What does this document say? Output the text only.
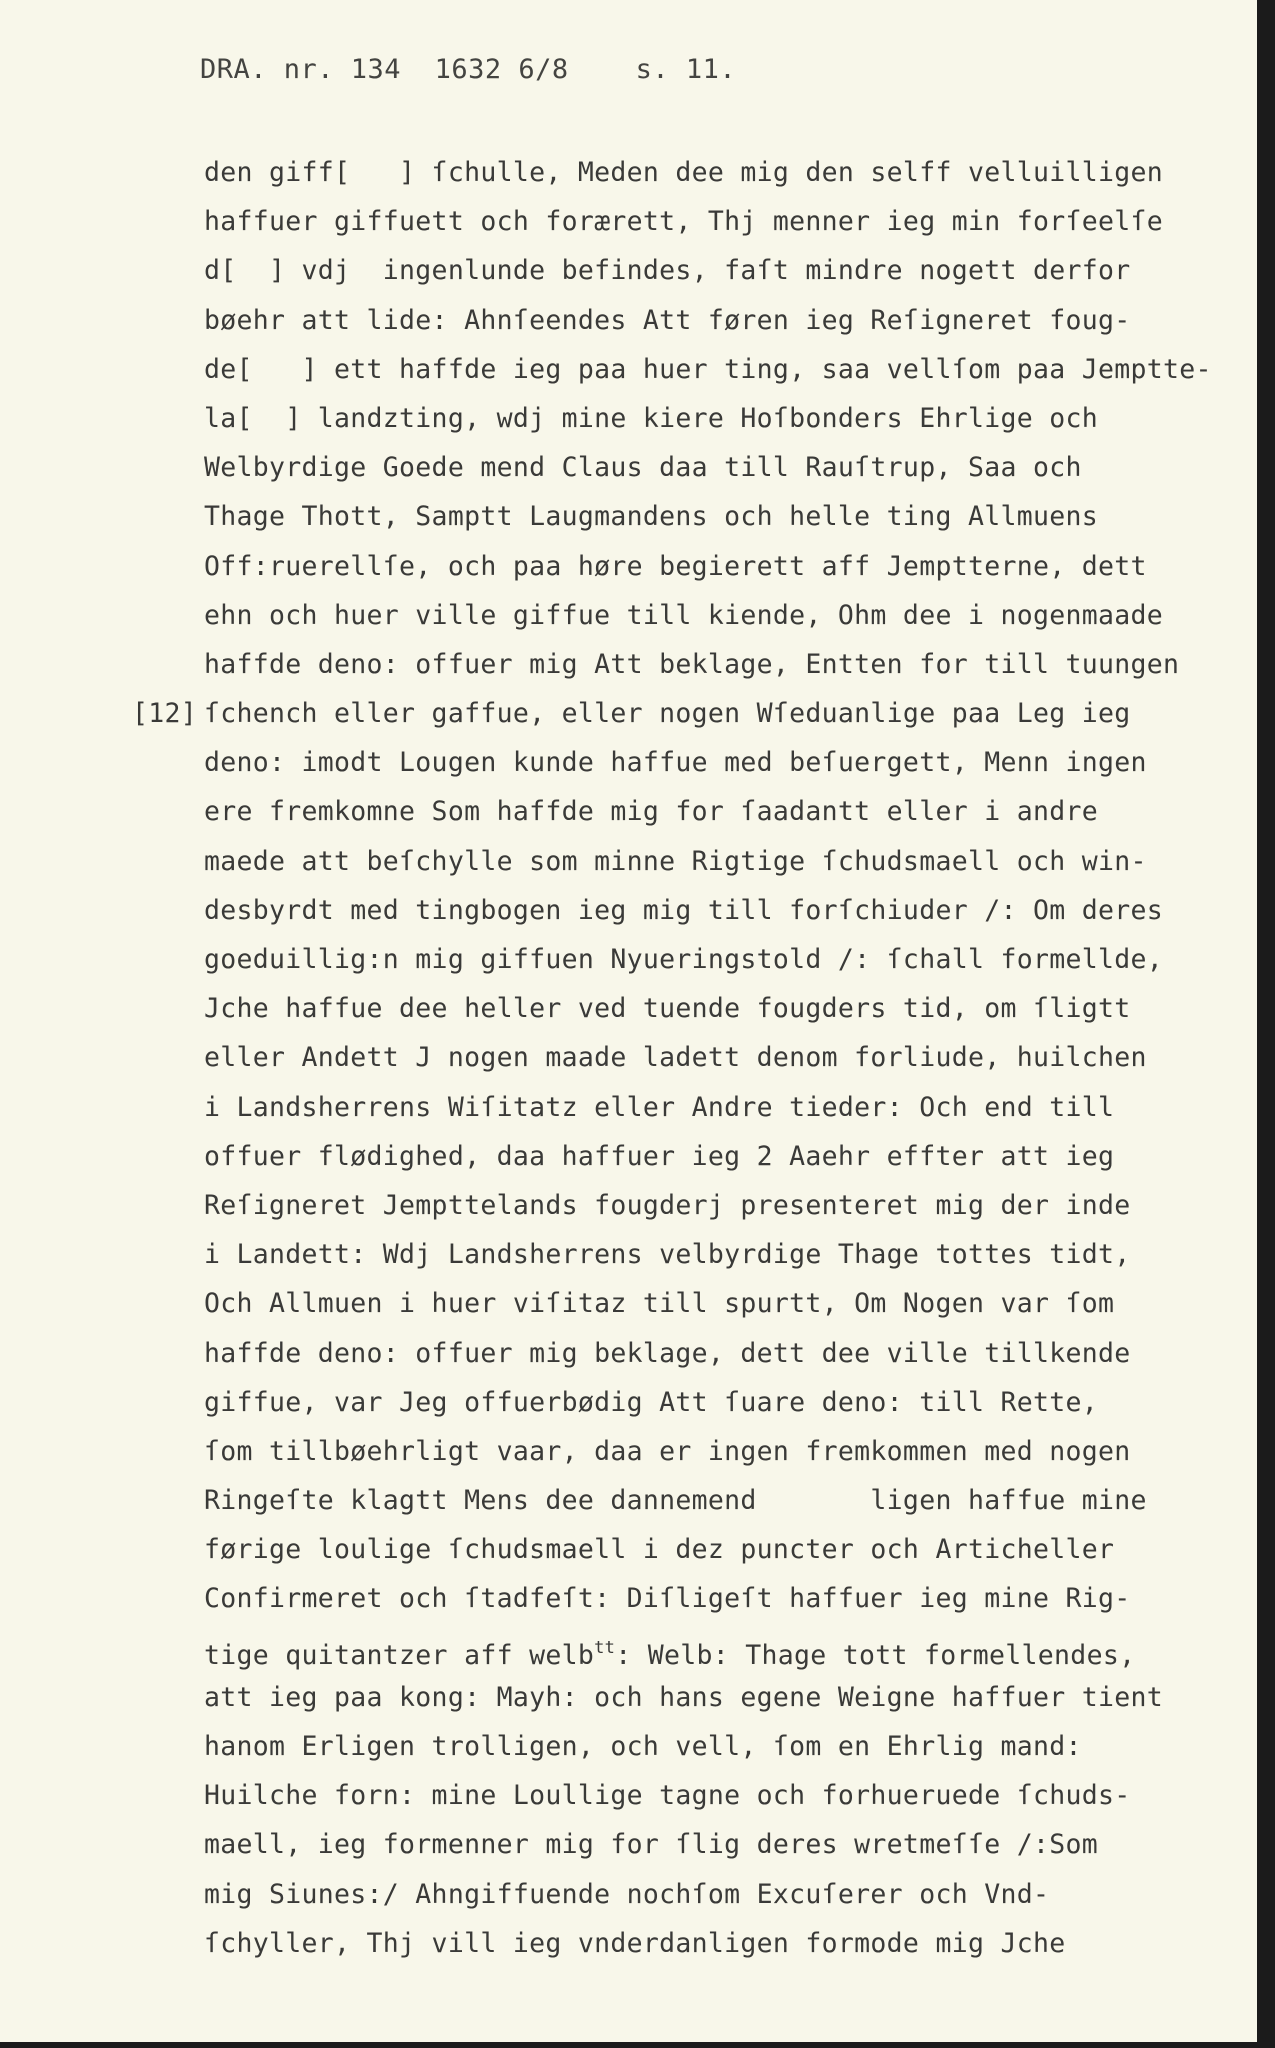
DRA. nr. 134  1632 6/8    s. 11.
den giff[   ] ſchulle, Meden dee mig den selff velluilligen
haffuer giffuett och forærett, Thj menner ieg min forſeelſe
d[  ] vdj  ingenlunde befindes, faſt mindre nogett derfor
bøehr att lide: Ahnſeendes Att føren ieg Reſigneret foug-
de[   ] ett haffde ieg paa huer ting, saa vellſom paa Jemptte-
la[  ] landzting, wdj mine kiere Hoſbonders Ehrlige och
Welbyrdige Goede mend Claus daa till Rauſtrup, Saa och
Thage Thott, Samptt Laugmandens och helle ting Allmuens
Off:ruerellſe, och paa høre begierett aff Jemptterne, dett
ehn och huer ville giffue till kiende, Ohm dee i nogenmaade
haffde deno: offuer mig Att beklage, Entten for till tuungen
[12] ſchench eller gaffue, eller nogen Wſeduanlige paa Leg ieg
deno: imodt Lougen kunde haffue med beſuergett, Menn ingen
ere fremkomne Som haffde mig for ſaadantt eller i andre
maede att beſchylle som minne Rigtige ſchudsmaell och win-
desbyrdt med tingbogen ieg mig till forſchiuder /: Om deres
goeduillig:n mig giffuen Nyueringstold /: ſchall formellde,
Jche haffue dee heller ved tuende fougders tid, om ſligtt
eller Andett J nogen maade ladett denom forliude, huilchen
i Landsherrens Wiſitatz eller Andre tieder: Och end till
offuer flødighed, daa haffuer ieg 2 Aaehr effter att ieg
Reſigneret Jempttelands fougderj presenteret mig der inde
i Landett: Wdj Landsherrens velbyrdige Thage tottes tidt,
Och Allmuen i huer viſitaz till spurtt, Om Nogen var ſom
haffde deno: offuer mig beklage, dett dee ville tillkende
giffue, var Jeg offuerbødig Att ſuare deno: till Rette,
ſom tillbøehrligt vaar, daa er ingen fremkommen med nogen
Ringeſte klagtt Mens dee dannemend       ligen haffue mine
førige loulige ſchudsmaell i dez puncter och Articheller
Confirmeret och ſtadfeſt: Diſligeſt haffuer ieg mine Rig-
tige quitantzer aff welb$^{tt}$: Welb: Thage tott formellendes,
att ieg paa kong: Mayh: och hans egene Weigne haffuer tient
hanom Erligen trolligen, och vell, ſom en Ehrlig mand:
Huilche forn: mine Loullige tagne och forhueruede ſchuds-
maell, ieg formenner mig for ſlig deres wretmeſſe /:Som
mig Siunes:/ Ahngiffuende nochſom Excuſerer och Vnd-
ſchyller, Thj vill ieg vnderdanligen formode mig Jche
